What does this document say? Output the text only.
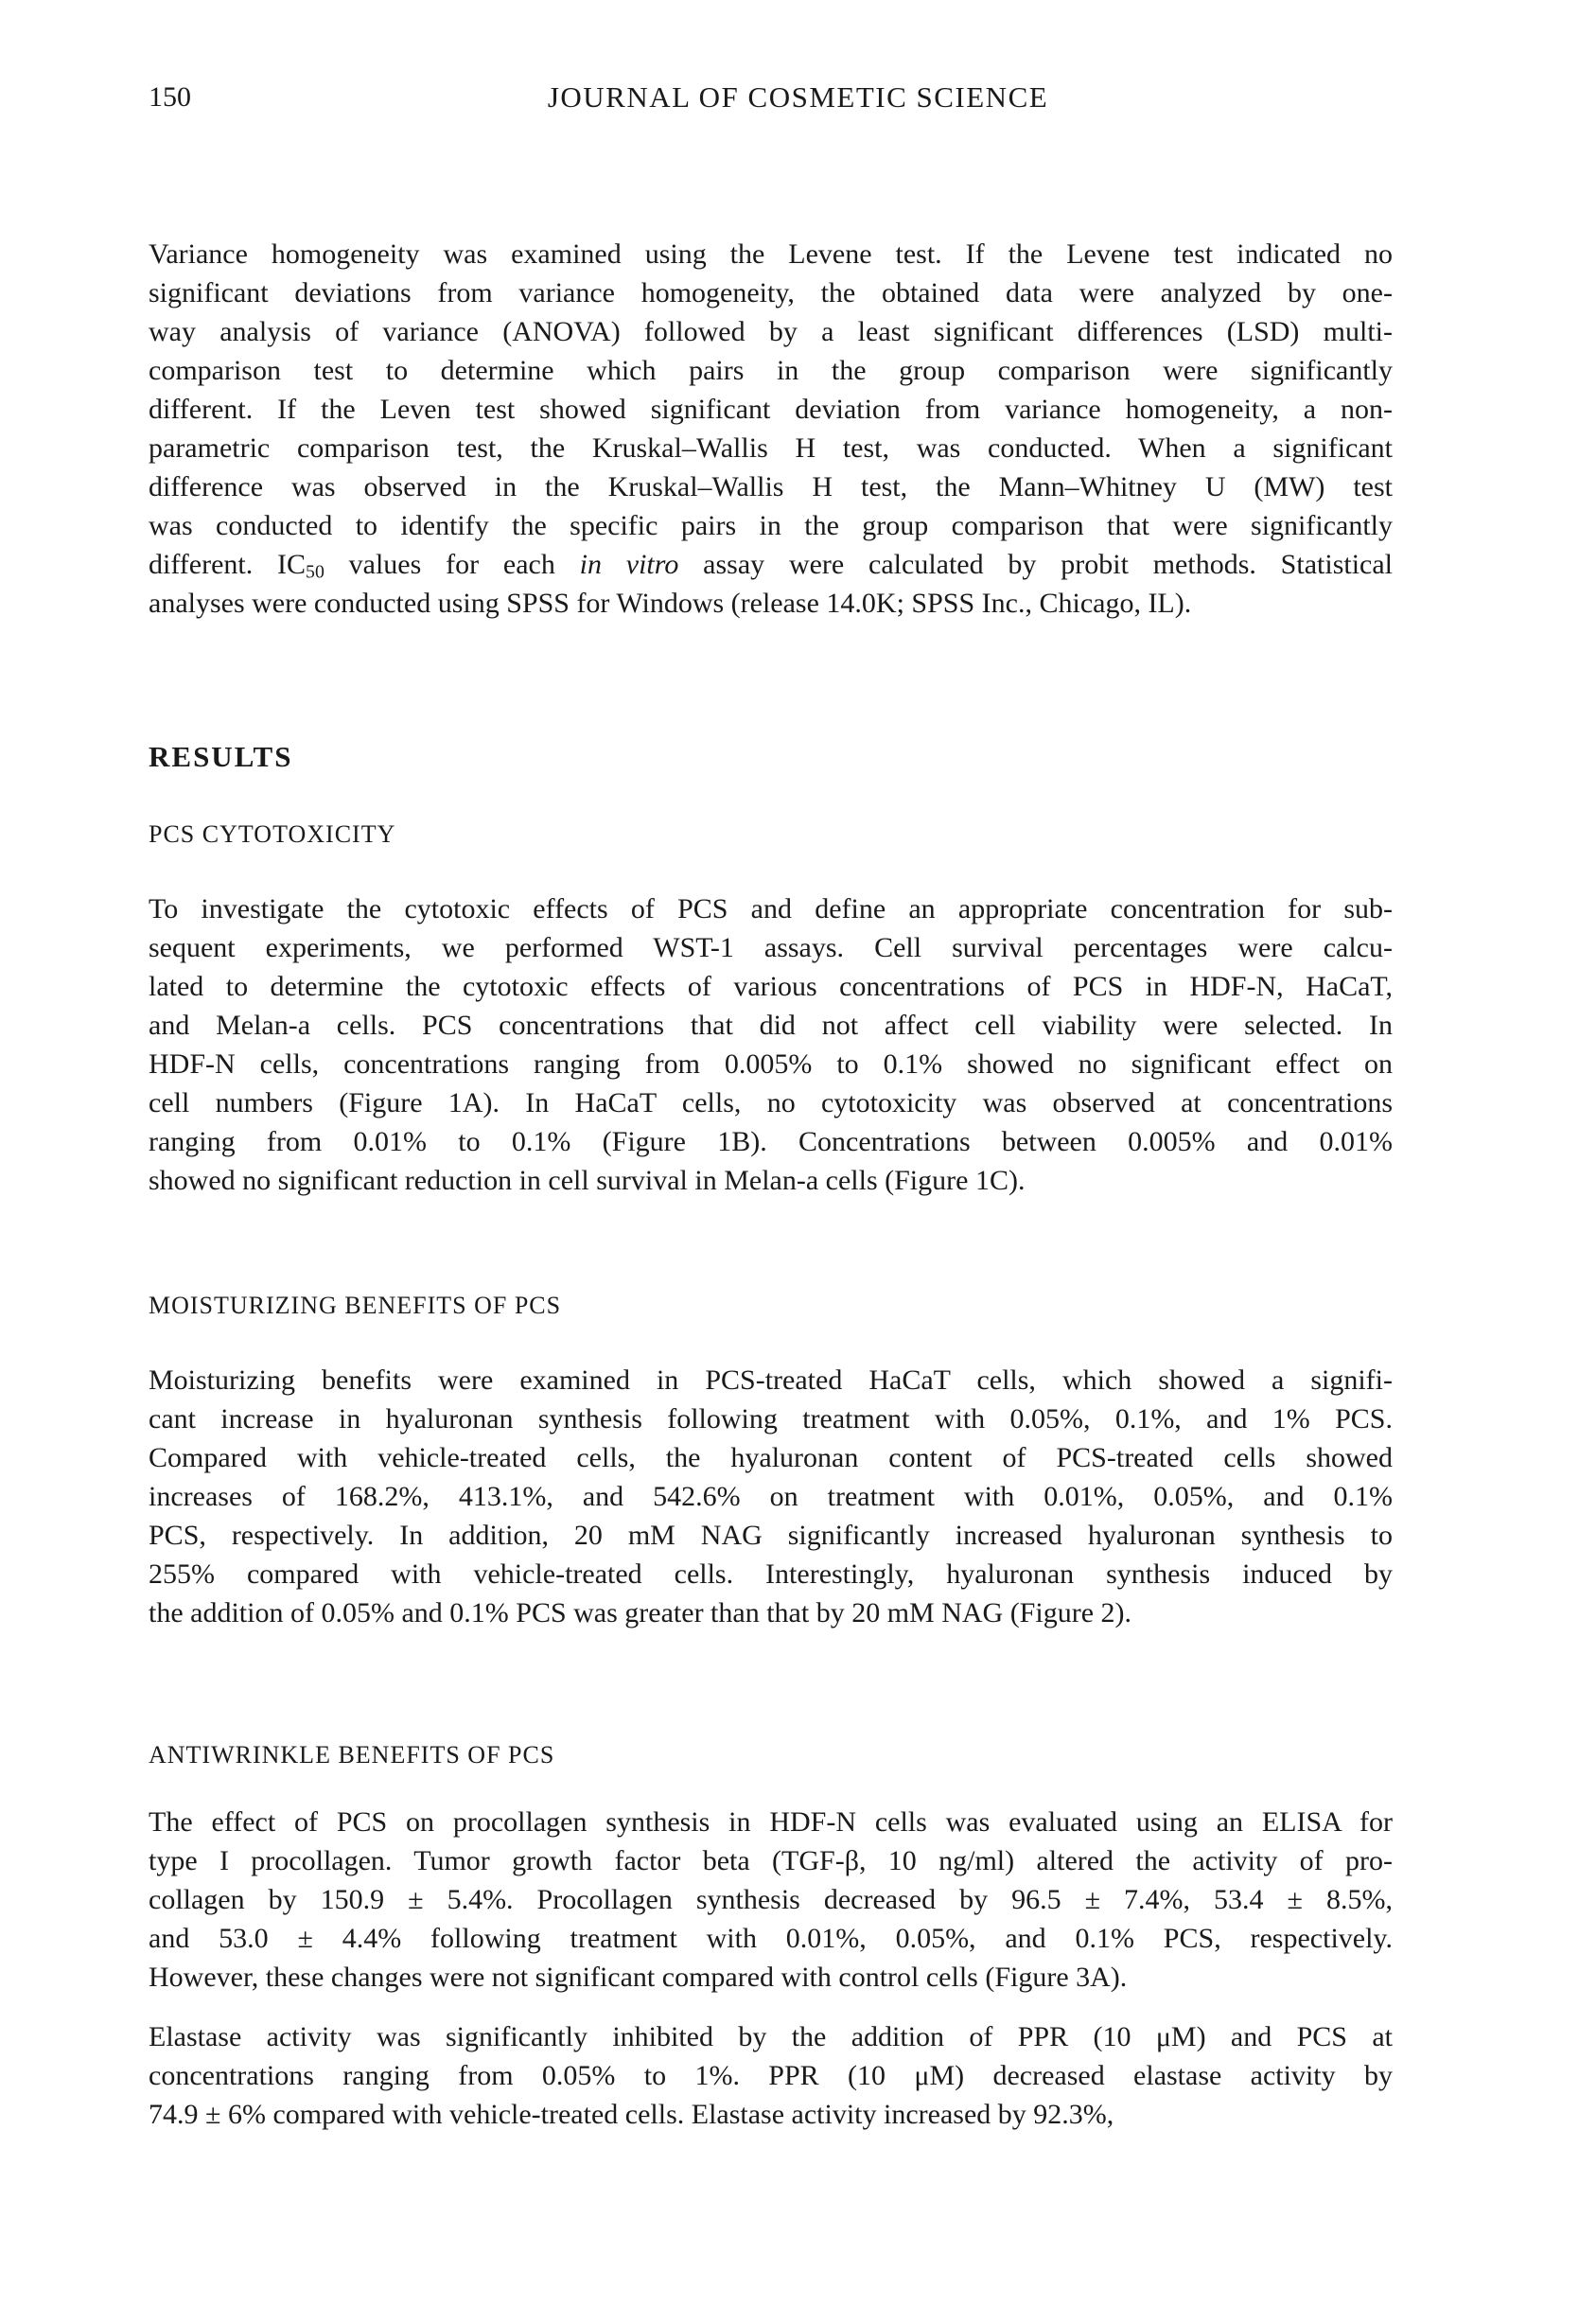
150	JOURNAL OF COSMETIC SCIENCE
Variance homogeneity was examined using the Levene test. If the Levene test indicated no
significant deviations from variance homogeneity, the obtained data were analyzed by one-
way analysis of variance (ANOVA) followed by a least significant differences (LSD) multi-
comparison test to determine which pairs in the group comparison were significantly
different. If the Leven test showed significant deviation from variance homogeneity, a non-
parametric comparison test, the Kruskal–Wallis H test, was conducted. When a significant
difference was observed in the Kruskal–Wallis H test, the Mann–Whitney U (MW) test
was conducted to identify the specific pairs in the group comparison that were significantly
different. $IC_{50}$ values for each in vitro assay were calculated by probit methods. Statistical
analyses were conducted using SPSS for Windows (release 14.0K; SPSS Inc., Chicago, IL).
RESULTS
PCS CYTOTOXICITY
To investigate the cytotoxic effects of PCS and define an appropriate concentration for sub-
sequent experiments, we performed WST-1 assays. Cell survival percentages were calcu-
lated to determine the cytotoxic effects of various concentrations of PCS in HDF-N, HaCaT,
and Melan-a cells. PCS concentrations that did not affect cell viability were selected. In
HDF-N cells, concentrations ranging from 0.005% to 0.1% showed no significant effect on
cell numbers (Figure 1A). In HaCaT cells, no cytotoxicity was observed at concentrations
ranging from 0.01% to 0.1% (Figure 1B). Concentrations between 0.005% and 0.01%
showed no significant reduction in cell survival in Melan-a cells (Figure 1C).
MOISTURIZING BENEFITS OF PCS
Moisturizing benefits were examined in PCS-treated HaCaT cells, which showed a signifi-
cant increase in hyaluronan synthesis following treatment with 0.05%, 0.1%, and 1% PCS.
Compared with vehicle-treated cells, the hyaluronan content of PCS-treated cells showed
increases of 168.2%, 413.1%, and 542.6% on treatment with 0.01%, 0.05%, and 0.1%
PCS, respectively. In addition, 20 mM NAG significantly increased hyaluronan synthesis to
255% compared with vehicle-treated cells. Interestingly, hyaluronan synthesis induced by
the addition of 0.05% and 0.1% PCS was greater than that by 20 mM NAG (Figure 2).
ANTIWRINKLE BENEFITS OF PCS
The effect of PCS on procollagen synthesis in HDF-N cells was evaluated using an ELISA for
type I procollagen. Tumor growth factor beta (TGF-β, 10 ng/ml) altered the activity of pro-
collagen by 150.9 ± 5.4%. Procollagen synthesis decreased by 96.5 ± 7.4%, 53.4 ± 8.5%,
and 53.0 ± 4.4% following treatment with 0.01%, 0.05%, and 0.1% PCS, respectively.
However, these changes were not significant compared with control cells (Figure 3A).
Elastase activity was significantly inhibited by the addition of PPR (10 μM) and PCS at
concentrations ranging from 0.05% to 1%. PPR (10 μM) decreased elastase activity by
74.9 ± 6% compared with vehicle-treated cells. Elastase activity increased by 92.3%,
